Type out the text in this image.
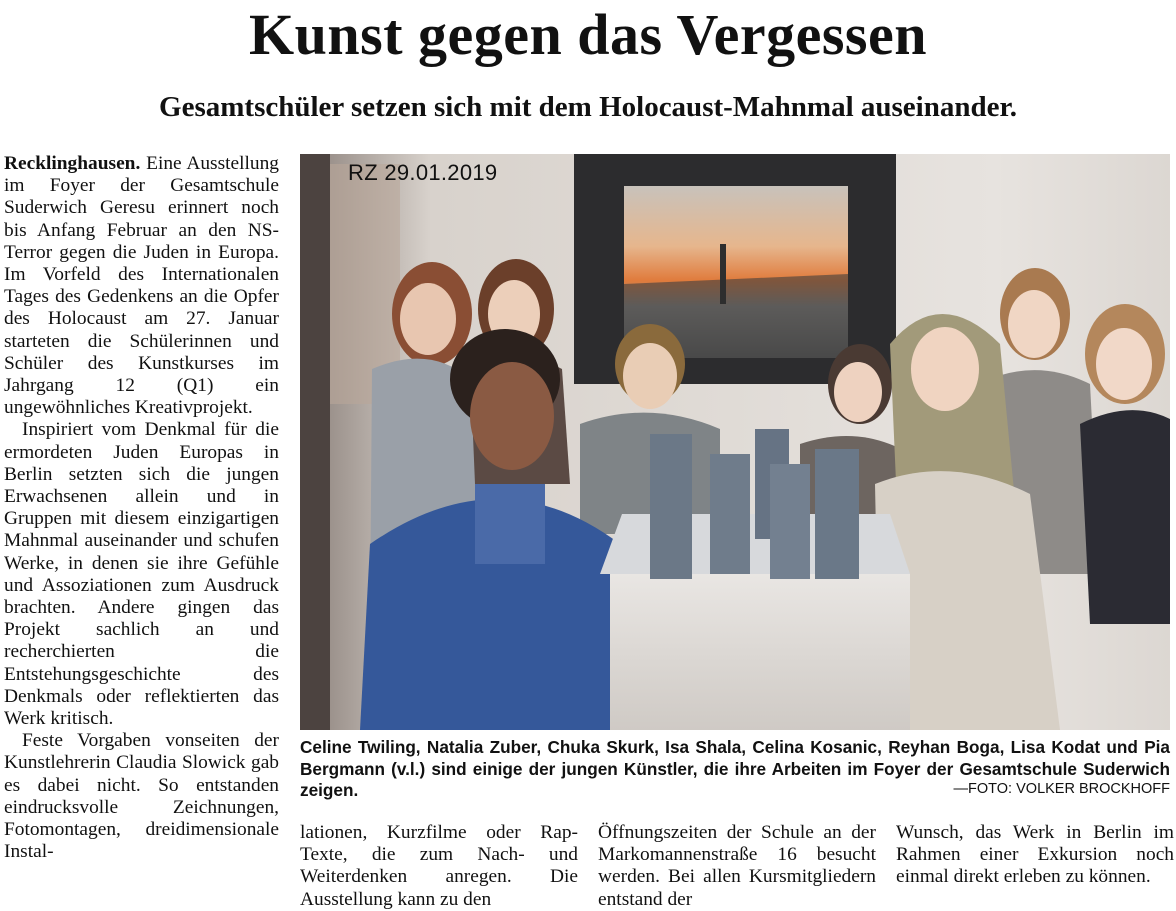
Kunst gegen das Vergessen
Gesamtschüler setzen sich mit dem Holocaust-Mahnmal auseinander.

Recklinghausen. Eine Ausstellung im Foyer der Gesamtschule Suderwich Geresu erinnert noch bis Anfang Februar an den NS-Terror gegen die Juden in Europa. Im Vorfeld des Internationalen Tages des Gedenkens an die Opfer des Holocaust am 27. Januar starteten die Schülerinnen und Schüler des Kunstkurses im Jahrgang 12 (Q1) ein ungewöhnliches Kreativprojekt.

Inspiriert vom Denkmal für die ermordeten Juden Europas in Berlin setzten sich die jungen Erwachsenen allein und in Gruppen mit diesem einzigartigen Mahnmal auseinander und schufen Werke, in denen sie ihre Gefühle und Assoziationen zum Ausdruck brachten. Andere gingen das Projekt sachlich an und recherchierten die Entstehungsgeschichte des Denkmals oder reflektierten das Werk kritisch.

Feste Vorgaben vonseiten der Kunstlehrerin Claudia Slowick gab es dabei nicht. So entstanden eindrucksvolle Zeichnungen, Fotomontagen, dreidimensionale Instal-

RZ 29.01.2019
Celine Twiling, Natalia Zuber, Chuka Skurk, Isa Shala, Celina Kosanic, Reyhan Boga, Lisa Kodat und Pia Bergmann (v.l.) sind einige der jungen Künstler, die ihre Arbeiten im Foyer der Gesamtschule Suderwich zeigen.	—FOTO: VOLKER BROCKHOFF
lationen, Kurzfilme oder Rap-Texte, die zum Nach- und Weiterdenken anregen. Die Ausstellung kann zu den
Öffnungszeiten der Schule an der Markomannenstraße 16 besucht werden. Bei allen Kursmitgliedern entstand der
Wunsch, das Werk in Berlin im Rahmen einer Exkursion noch einmal direkt erleben zu können.
